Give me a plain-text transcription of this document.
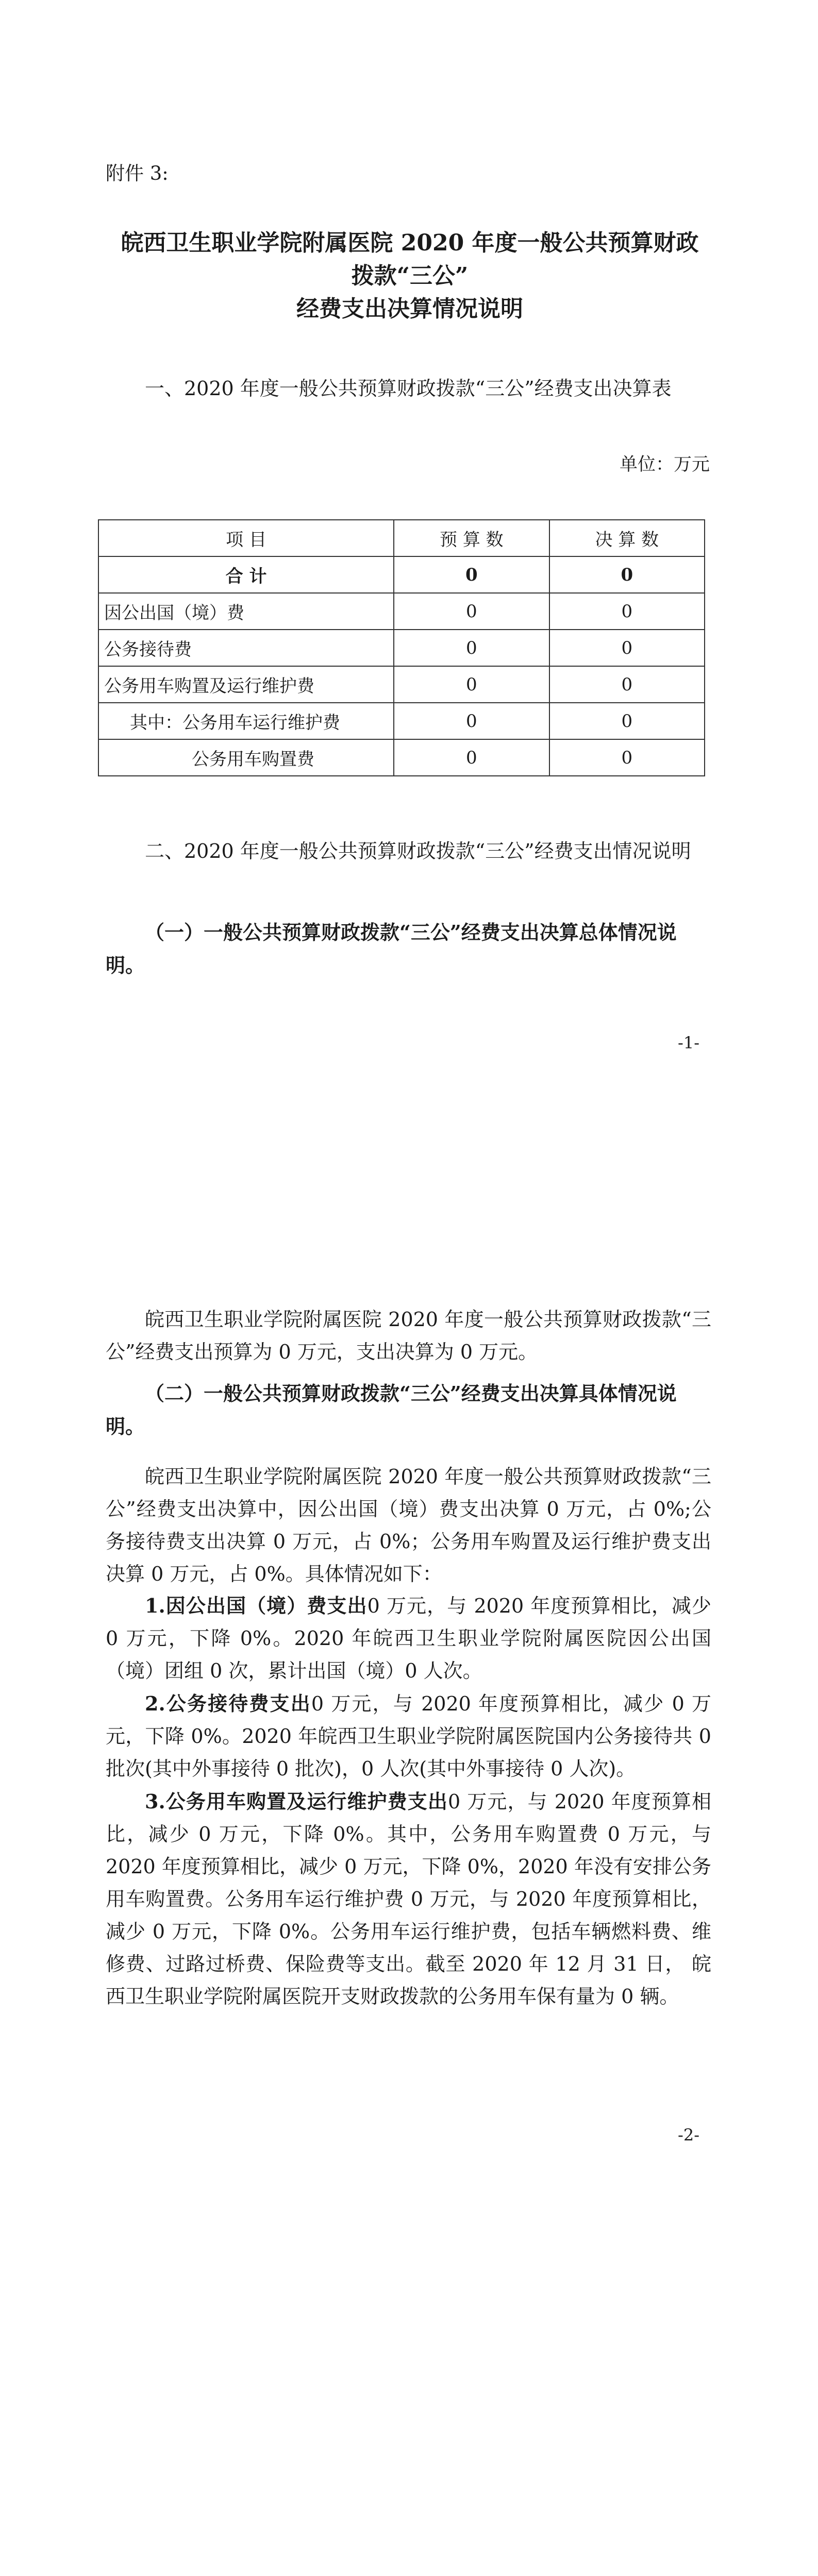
附件 3:
皖西卫生职业学院附属医院 2020 年度一般公共预算财政
拨款“三公”
经费支出决算情况说明
一、2020 年度一般公共预算财政拨款“三公”经费支出决算表
单位：万元
项 目	预 算 数	决 算 数
合 计	0	0
因公出国（境）费	0	0
公务接待费	0	0
公务用车购置及运行维护费	0	0
其中：公务用车运行维护费	0	0
公务用车购置费	0	0
二、2020 年度一般公共预算财政拨款“三公”经费支出情况说明
（一）一般公共预算财政拨款“三公”经费支出决算总体情况说明。
-1-
皖西卫生职业学院附属医院 2020 年度一般公共预算财政拨款“三公”经费支出预算为 0 万元，支出决算为 0 万元。
（二）一般公共预算财政拨款“三公”经费支出决算具体情况说明。
皖西卫生职业学院附属医院 2020 年度一般公共预算财政拨款“三公”经费支出决算中，因公出国（境）费支出决算 0 万元，占 0%;公务接待费支出决算 0 万元，占 0%；公务用车购置及运行维护费支出决算 0 万元，占 0%。具体情况如下：
1.因公出国（境）费支出0 万元，与 2020 年度预算相比，减少 0 万元，下降 0%。2020 年皖西卫生职业学院附属医院因公出国（境）团组 0 次，累计出国（境）0 人次。
2.公务接待费支出0 万元，与 2020 年度预算相比，减少 0 万元，下降 0%。2020 年皖西卫生职业学院附属医院国内公务接待共 0 批次(其中外事接待 0 批次)，0 人次(其中外事接待 0 人次)。
3.公务用车购置及运行维护费支出0 万元，与 2020 年度预算相比，减少 0 万元，下降 0%。其中，公务用车购置费 0 万元，与 2020 年度预算相比，减少 0 万元，下降 0%，2020 年没有安排公务用车购置费。公务用车运行维护费 0 万元，与 2020 年度预算相比，减少 0 万元，下降 0%。公务用车运行维护费，包括车辆燃料费、维修费、过路过桥费、保险费等支出。截至 2020 年 12 月 31 日， 皖西卫生职业学院附属医院开支财政拨款的公务用车保有量为 0 辆。
-2-
